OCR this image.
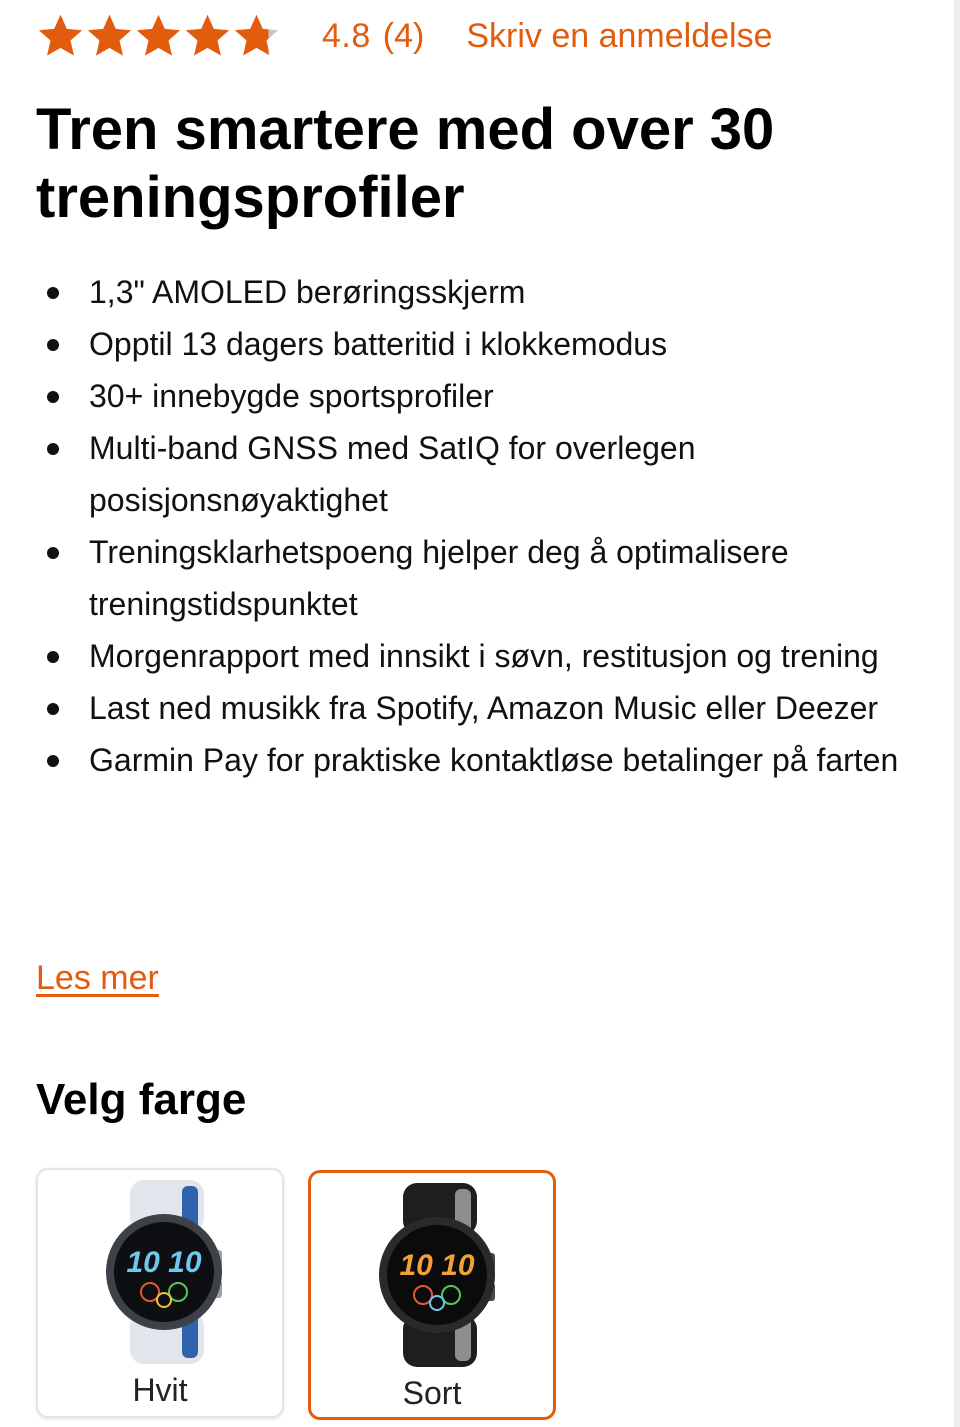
4.8 (4) Skriv en anmeldelse
Tren smartere med over 30 treningsprofiler
1,3" AMOLED berøringsskjerm
Opptil 13 dagers batteritid i klokkemodus
30+ innebygde sportsprofiler
Multi-band GNSS med SatIQ for overlegen posisjonsnøyaktighet
Treningsklarhetspoeng hjelper deg å optimalisere treningstidspunktet
Morgenrapport med innsikt i søvn, restitusjon og trening
Last ned musikk fra Spotify, Amazon Music eller Deezer
Garmin Pay for praktiske kontaktløse betalinger på farten
Les mer
Velg farge
10 10
Hvit
10 10
Sort
